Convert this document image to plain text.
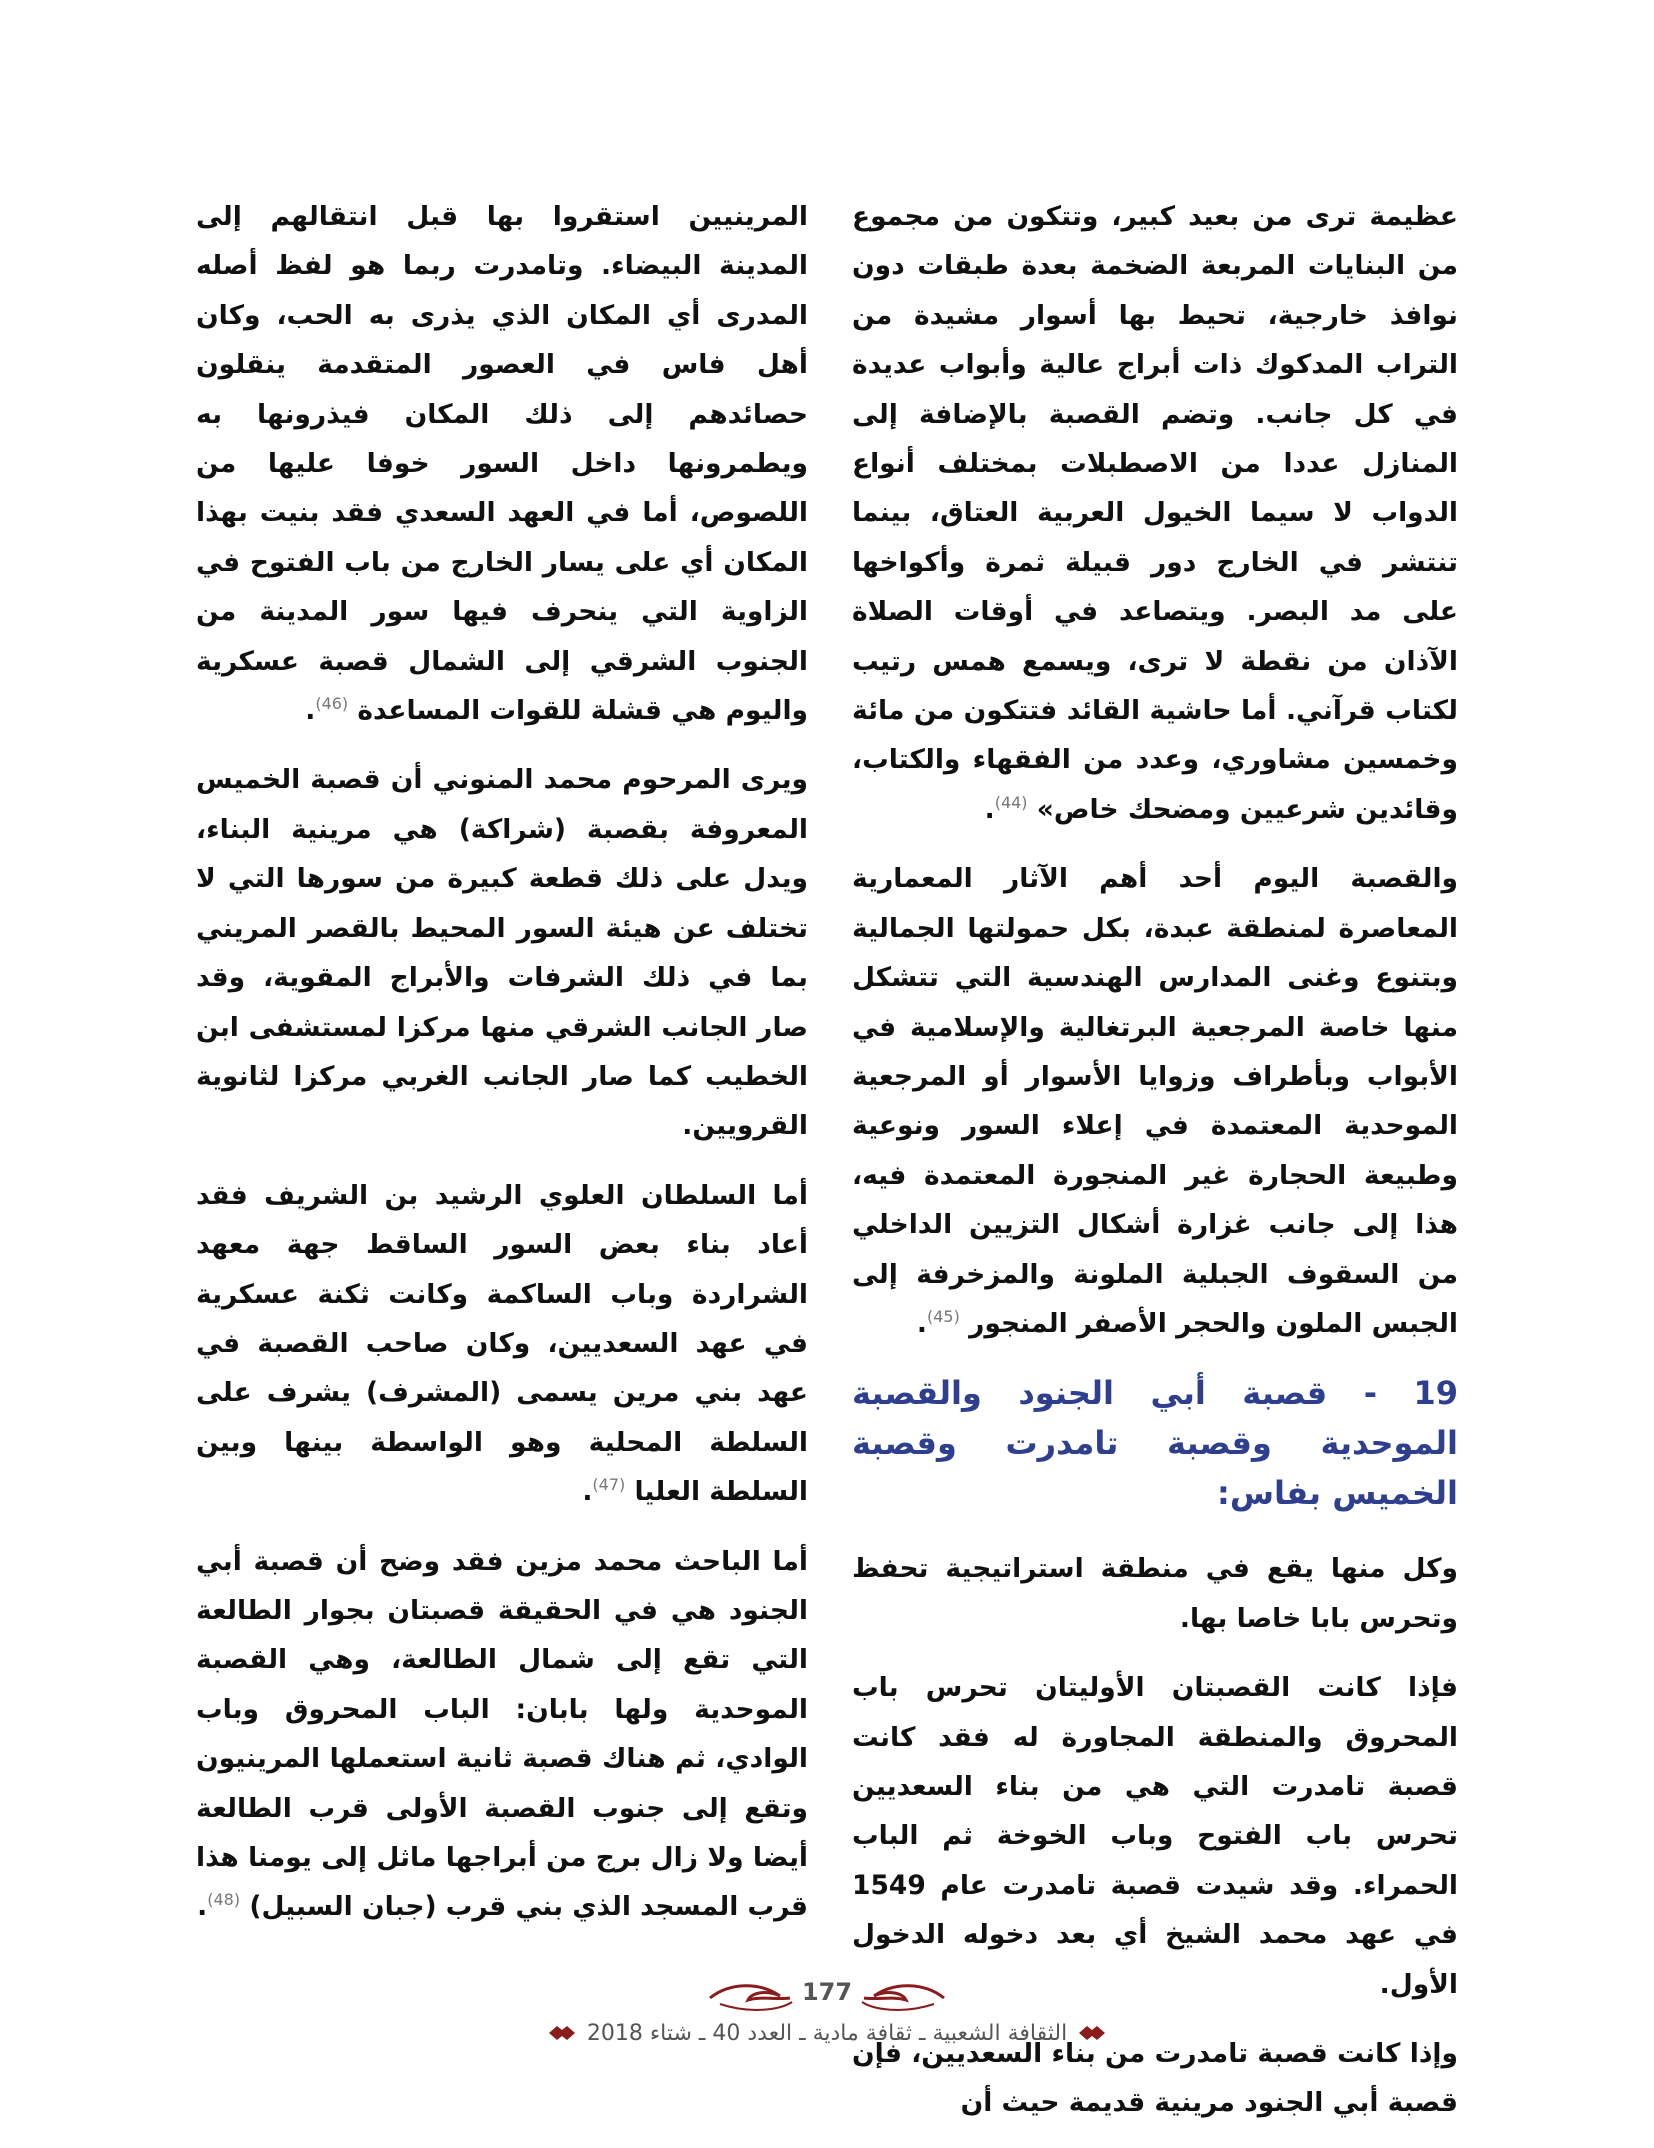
عظيمة ترى من بعيد كبير، وتتكون من مجموع من البنايات المربعة الضخمة بعدة طبقات دون نوافذ خارجية، تحيط بها أسوار مشيدة من التراب المدكوك ذات أبراج عالية وأبواب عديدة في كل جانب. وتضم القصبة بالإضافة إلى المنازل عددا من الاصطبلات بمختلف أنواع الدواب لا سيما الخيول العربية العتاق، بينما تنتشر في الخارج دور قبيلة ثمرة وأكواخها على مد البصر. ويتصاعد في أوقات الصلاة الآذان من نقطة لا ترى، ويسمع همس رتيب لكتاب قرآني. أما حاشية القائد فتتكون من مائة وخمسين مشاوري، وعدد من الفقهاء والكتاب، وقائدين شرعيين ومضحك خاص» $^{(44)}$.

والقصبة اليوم أحد أهم الآثار المعمارية المعاصرة لمنطقة عبدة، بكل حمولتها الجمالية وبتنوع وغنى المدارس الهندسية التي تتشكل منها خاصة المرجعية البرتغالية والإسلامية في الأبواب وبأطراف وزوايا الأسوار أو المرجعية الموحدية المعتمدة في إعلاء السور ونوعية وطبيعة الحجارة غير المنجورة المعتمدة فيه، هذا إلى جانب غزارة أشكال التزيين الداخلي من السقوف الجبلية الملونة والمزخرفة إلى الجبس الملون والحجر الأصفر المنجور $^{(45)}$.

19 - قصبة أبي الجنود والقصبة الموحدية وقصبة تامدرت وقصبة الخميس بفاس:

وكل منها يقع في منطقة استراتيجية تحفظ وتحرس بابا خاصا بها.

فإذا كانت القصبتان الأوليتان تحرس باب المحروق والمنطقة المجاورة له فقد كانت قصبة تامدرت التي هي من بناء السعديين تحرس باب الفتوح وباب الخوخة ثم الباب الحمراء. وقد شيدت قصبة تامدرت عام 1549 في عهد محمد الشيخ أي بعد دخوله الدخول الأول.

وإذا كانت قصبة تامدرت من بناء السعديين، فإن قصبة أبي الجنود مرينية قديمة حيث أن

المرينيين استقروا بها قبل انتقالهم إلى المدينة البيضاء. وتامدرت ربما هو لفظ أصله المدرى أي المكان الذي يذرى به الحب، وكان أهل فاس في العصور المتقدمة ينقلون حصائدهم إلى ذلك المكان فيذرونها به ويطمرونها داخل السور خوفا عليها من اللصوص، أما في العهد السعدي فقد بنيت بهذا المكان أي على يسار الخارج من باب الفتوح في الزاوية التي ينحرف فيها سور المدينة من الجنوب الشرقي إلى الشمال قصبة عسكرية واليوم هي قشلة للقوات المساعدة $^{(46)}$.

ويرى المرحوم محمد المنوني أن قصبة الخميس المعروفة بقصبة (شراكة) هي مرينية البناء، ويدل على ذلك قطعة كبيرة من سورها التي لا تختلف عن هيئة السور المحيط بالقصر المريني بما في ذلك الشرفات والأبراج المقوية، وقد صار الجانب الشرقي منها مركزا لمستشفى ابن الخطيب كما صار الجانب الغربي مركزا لثانوية القرويين.

أما السلطان العلوي الرشيد بن الشريف فقد أعاد بناء بعض السور الساقط جهة معهد الشراردة وباب الساكمة وكانت ثكنة عسكرية في عهد السعديين، وكان صاحب القصبة في عهد بني مرين يسمى (المشرف) يشرف على السلطة المحلية وهو الواسطة بينها وبين السلطة العليا $^{(47)}$.

أما الباحث محمد مزين فقد وضح أن قصبة أبي الجنود هي في الحقيقة قصبتان بجوار الطالعة التي تقع إلى شمال الطالعة، وهي القصبة الموحدية ولها بابان: الباب المحروق وباب الوادي، ثم هناك قصبة ثانية استعملها المرينيون وتقع إلى جنوب القصبة الأولى قرب الطالعة أيضا ولا زال برج من أبراجها ماثل إلى يومنا هذا قرب المسجد الذي بني قرب (جبان السبيل) $^{(48)}$.

177
الثقافة الشعبية ـ ثقافة مادية ـ العدد 40 ـ شتاء 2018
